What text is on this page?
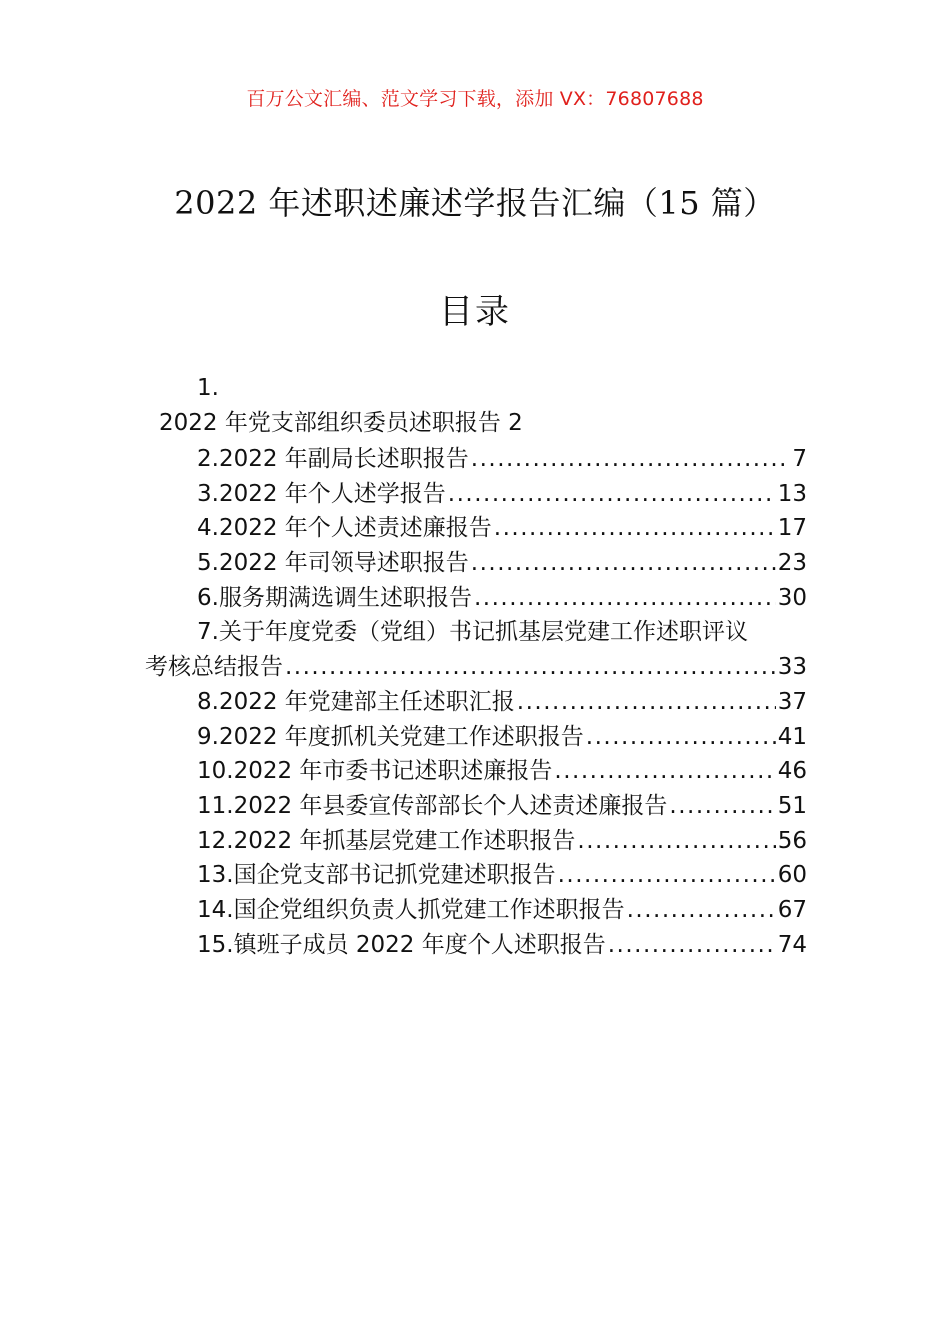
百万公文汇编、范文学习下载，添加 VX：76807688
2022 年述职述廉述学报告汇编（15 篇）
目录
1.
2022 年党支部组织委员述职报告 2
2.2022 年副局长述职报告 .....	7
3.2022 年个人述学报告 .....	13
4.2022 年个人述责述廉报告 .....	17
5.2022 年司领导述职报告 .....	23
6.服务期满选调生述职报告 .....	30
7.关于年度党委（党组）书记抓基层党建工作述职评议
考核总结报告 .....	33
8.2022 年党建部主任述职汇报 .....	37
9.2022 年度抓机关党建工作述职报告 .....	41
10.2022 年市委书记述职述廉报告 .....	46
11.2022 年县委宣传部部长个人述责述廉报告 .....	51
12.2022 年抓基层党建工作述职报告 .....	56
13.国企党支部书记抓党建述职报告 .....	60
14.国企党组织负责人抓党建工作述职报告 .....	67
15.镇班子成员 2022 年度个人述职报告 .....	74
